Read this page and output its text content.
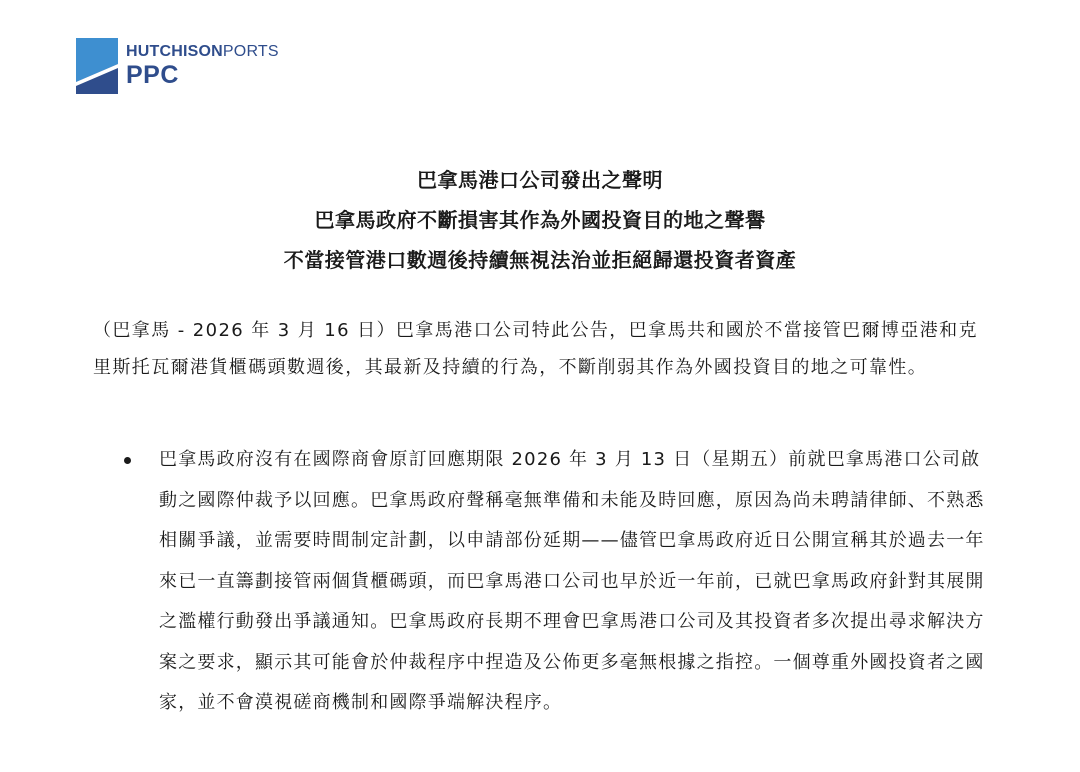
HUTCHISONPORTS
PPC
巴拿馬港口公司發出之聲明
巴拿馬政府不斷損害其作為外國投資目的地之聲譽
不當接管港口數週後持續無視法治並拒絕歸還投資者資產
（巴拿馬 - 2026 年 3 月 16 日）巴拿馬港口公司特此公告，巴拿馬共和國於不當接管巴爾博亞港和克里斯托瓦爾港貨櫃碼頭數週後，其最新及持續的行為，不斷削弱其作為外國投資目的地之可靠性。
巴拿馬政府沒有在國際商會原訂回應期限 2026 年 3 月 13 日（星期五）前就巴拿馬港口公司啟動之國際仲裁予以回應。巴拿馬政府聲稱毫無準備和未能及時回應，原因為尚未聘請律師、不熟悉相關爭議，並需要時間制定計劃，以申請部份延期——儘管巴拿馬政府近日公開宣稱其於過去一年來已一直籌劃接管兩個貨櫃碼頭，而巴拿馬港口公司也早於近一年前，已就巴拿馬政府針對其展開之濫權行動發出爭議通知。巴拿馬政府長期不理會巴拿馬港口公司及其投資者多次提出尋求解決方案之要求，顯示其可能會於仲裁程序中捏造及公佈更多毫無根據之指控。一個尊重外國投資者之國家，並不會漠視磋商機制和國際爭端解決程序。
